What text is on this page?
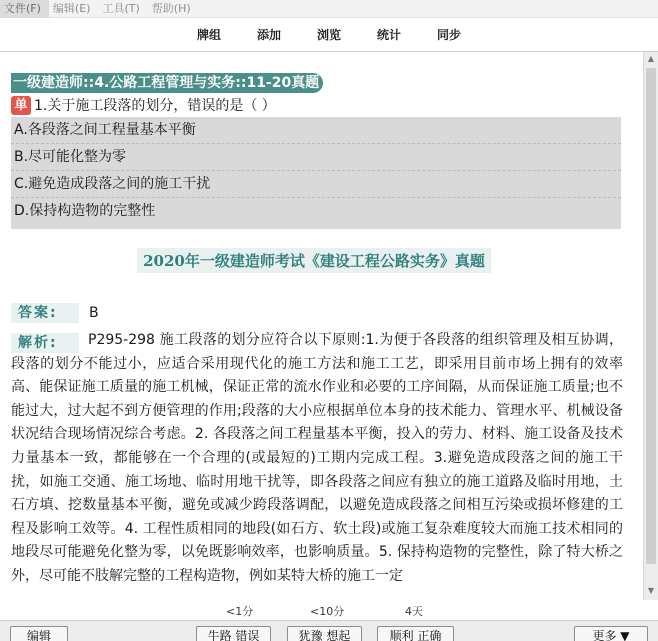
文件(F)	编辑(E)	工具(T)	帮助(H)
牌组	添加	浏览	统计	同步
一级建造师::4.公路工程管理与实务::11-20真题
单 1.关于施工段落的划分，错误的是（ ）
A.各段落之间工程量基本平衡
B.尽可能化整为零
C.避免造成段落之间的施工干扰
D.保持构造物的完整性
2020年一级建造师考试《建设工程公路实务》真题
答案:	B
解析:	P295-298 施工段落的划分应符合以下原则:1.为便于各段落的组织管理及相互协调，段落的划分不能过小，应适合采用现代化的施工方法和施工工艺，即采用目前市场上拥有的效率高、能保证施工质量的施工机械，保证正常的流水作业和必要的工序间隔，从而保证施工质量;也不能过大，过大起不到方便管理的作用;段落的大小应根据单位本身的技术能力、管理水平、机械设备状况结合现场情况综合考虑。2. 各段落之间工程量基本平衡，投入的劳力、材料、施工设备及技术力量基本一致，都能够在一个合理的(或最短的)工期内完成工程。3.避免造成段落之间的施工干扰，如施工交通、施工场地、临时用地干扰等，即各段落之间应有独立的施工道路及临时用地，土石方填、挖数量基本平衡，避免或减少跨段落调配，以避免造成段落之间相互污染或损坏修建的工程及影响工效等。4. 工程性质相同的地段(如石方、软土段)或施工复杂难度较大而施工技术相同的地段尽可能避免化整为零，以免既影响效率，也影响质量。5. 保持构造物的完整性，除了特大桥之外，尽可能不肢解完整的工程构造物，例如某特大桥的施工一定
▲
▼
<1分	<10分	4天
编辑	牛路 错误	犹豫 想起	顺利 正确	更多 ▼
